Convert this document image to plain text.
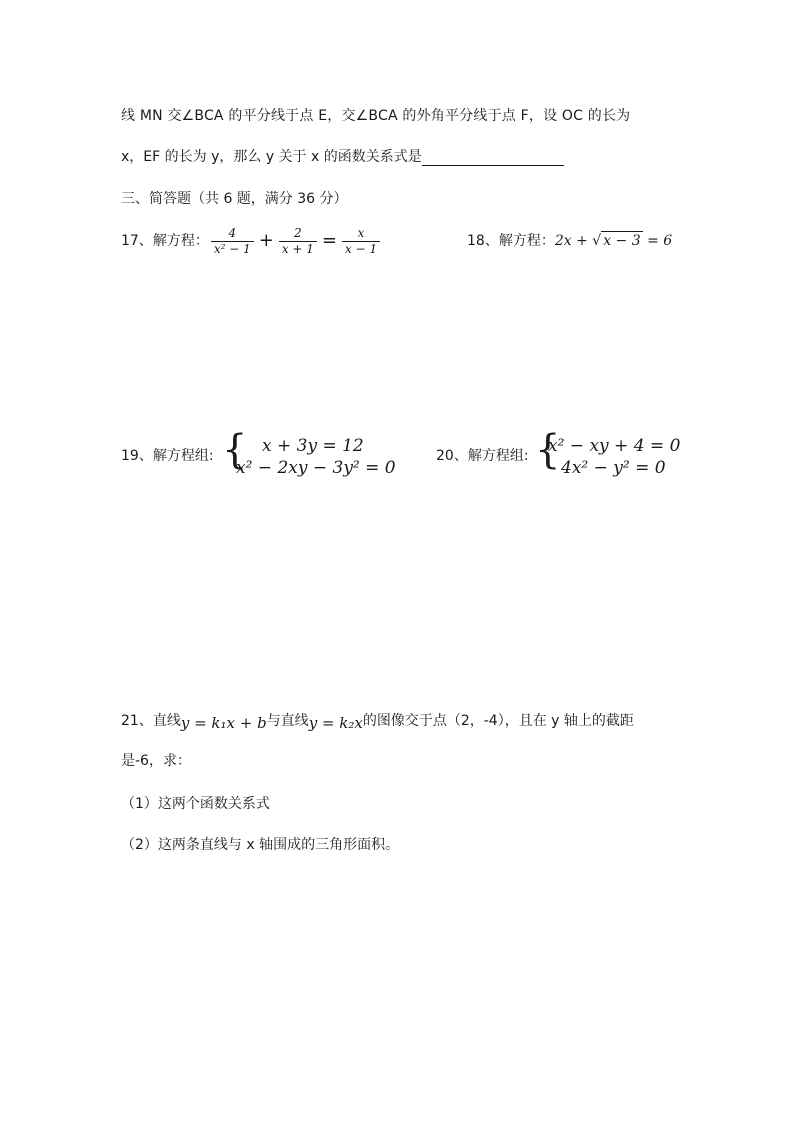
线 MN 交∠BCA 的平分线于点 E，交∠BCA 的外角平分线于点 F，设 OC 的长为
x，EF 的长为 y，那么 y 关于 x 的函数关系式是
三、简答题（共 6 题，满分 36 分）
17、解方程： $\frac{4}{\text{x² − 1}} + \frac{2}{x + 1} = \frac{x}{x - 1}$	18、解方程：2x + √ x − 3 = 6
19、解方程组: { x + 3y = 12
x² − 2xy − 3y² = 0
20、解方程组: {
x² − xy + 4 = 0
4x² − y² = 0
21、直线y = k₁x + b与直线y = k₂x的图像交于点（2，-4），且在 y 轴上的截距
是-6，求：
（1）这两个函数关系式
（2）这两条直线与 x 轴围成的三角形面积。
